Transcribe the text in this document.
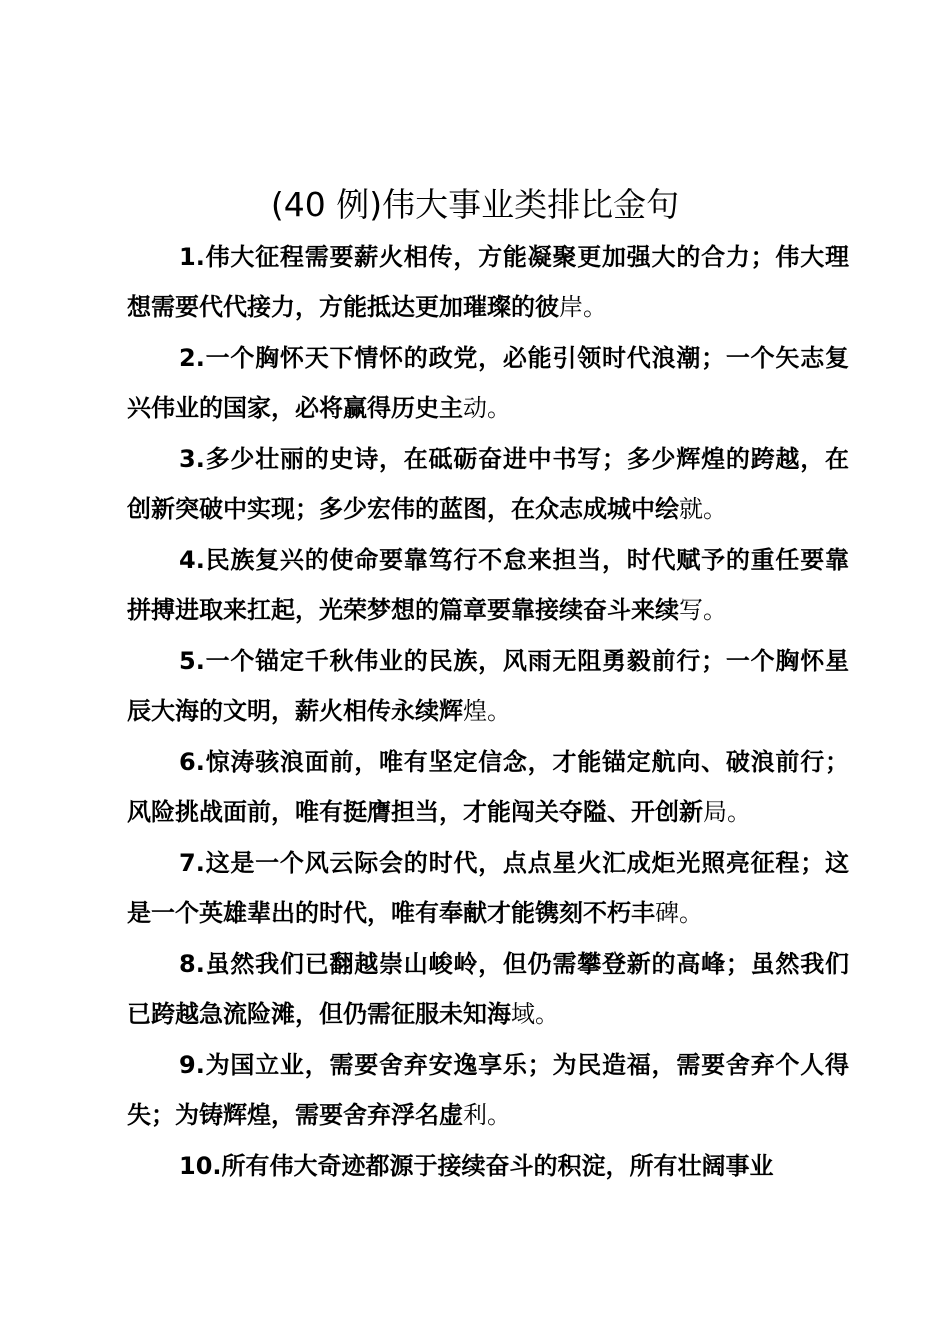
(40 例)伟大事业类排比金句

1.伟大征程需要薪火相传，方能凝聚更加强大的合力；伟大理想需要代代接力，方能抵达更加璀璨的彼岸。

2.一个胸怀天下情怀的政党，必能引领时代浪潮；一个矢志复兴伟业的国家，必将赢得历史主动。

3.多少壮丽的史诗，在砥砺奋进中书写；多少辉煌的跨越，在创新突破中实现；多少宏伟的蓝图，在众志成城中绘就。

4.民族复兴的使命要靠笃行不怠来担当，时代赋予的重任要靠拼搏进取来扛起，光荣梦想的篇章要靠接续奋斗来续写。

5.一个锚定千秋伟业的民族，风雨无阻勇毅前行；一个胸怀星辰大海的文明，薪火相传永续辉煌。

6.惊涛骇浪面前，唯有坚定信念，才能锚定航向、破浪前行；风险挑战面前，唯有挺膺担当，才能闯关夺隘、开创新局。

7.这是一个风云际会的时代，点点星火汇成炬光照亮征程；这是一个英雄辈出的时代，唯有奉献才能镌刻不朽丰碑。

8.虽然我们已翻越崇山峻岭，但仍需攀登新的高峰；虽然我们已跨越急流险滩，但仍需征服未知海域。

9.为国立业，需要舍弃安逸享乐；为民造福，需要舍弃个人得失；为铸辉煌，需要舍弃浮名虚利。

10.所有伟大奇迹都源于接续奋斗的积淀，所有壮阔事业
